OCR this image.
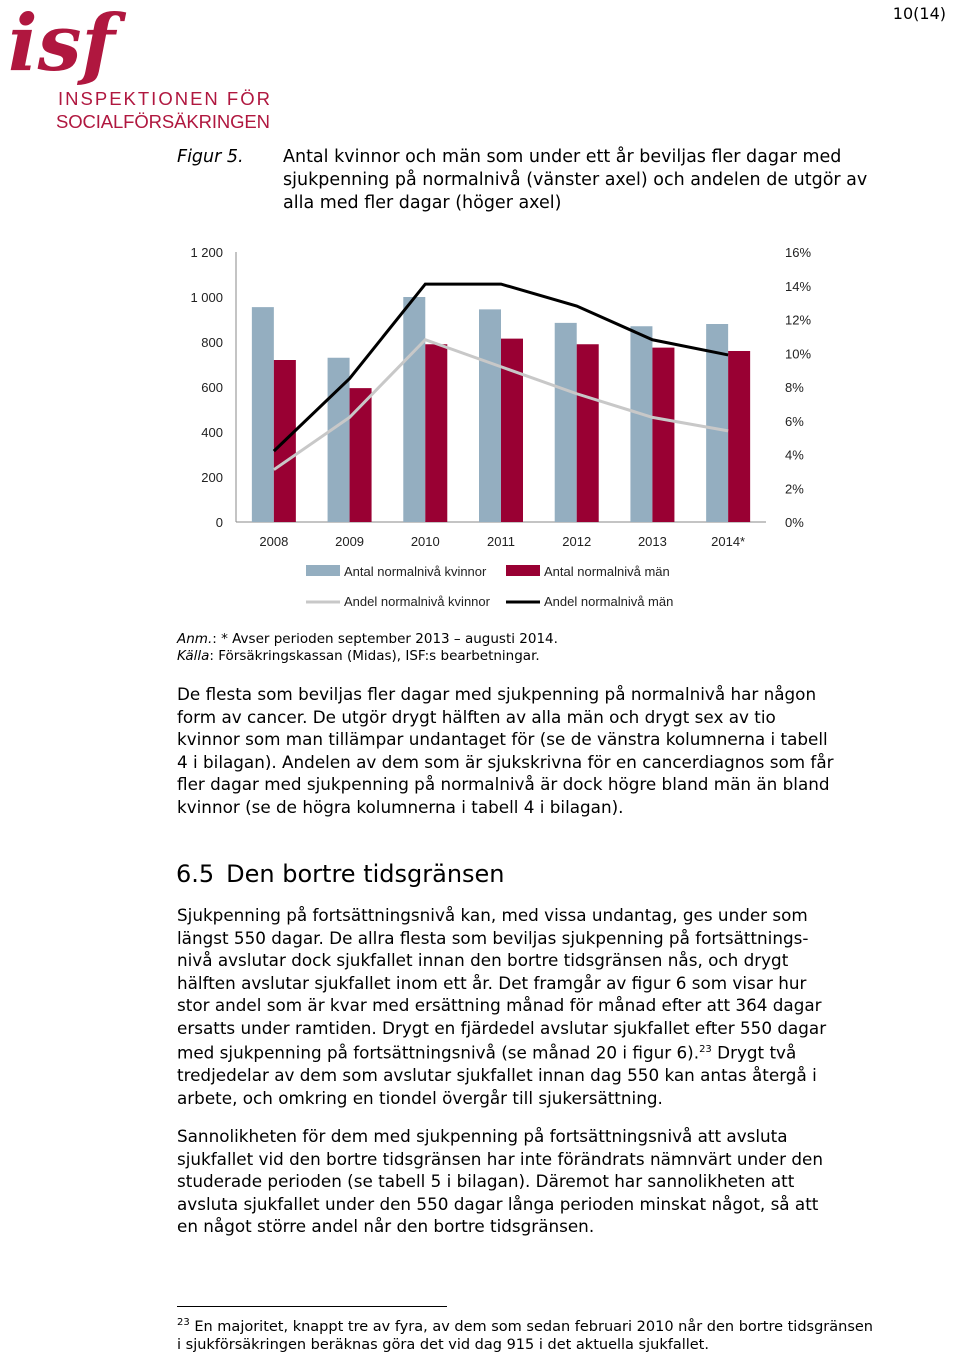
10(14)
isf
INSPEKTIONEN FÖR
SOCIALFÖRSÄKRINGEN
Figur 5. Antal kvinnor och män som under ett år beviljas fler dagar med sjukpenning på normalnivå (vänster axel) och andelen de utgör av alla med fler dagar (höger axel)
0
200
400
600
800
1 000
1 200
0%
2%
4%
6%
8%
10%
12%
14%
16%
2008	2009	2010	2011	2012	2013	2014*
Antal normalnivå kvinnor	Antal normalnivå män
Andel normalnivå kvinnor	Andel normalnivå män
Anm.: * Avser perioden september 2013 – augusti 2014.
Källa: Försäkringskassan (Midas), ISF:s bearbetningar.
De flesta som beviljas fler dagar med sjukpenning på normalnivå har någon form av cancer. De utgör drygt hälften av alla män och drygt sex av tio kvinnor som man tillämpar undantaget för (se de vänstra kolumnerna i tabell 4 i bilagan). Andelen av dem som är sjukskrivna för en cancerdiagnos som får fler dagar med sjukpenning på normalnivå är dock högre bland män än bland kvinnor (se de högra kolumnerna i tabell 4 i bilagan).
6.5 Den bortre tidsgränsen
Sjukpenning på fortsättningsnivå kan, med vissa undantag, ges under som längst 550 dagar. De allra flesta som beviljas sjukpenning på fortsättnings-nivå avslutar dock sjukfallet innan den bortre tidsgränsen nås, och drygt hälften avslutar sjukfallet inom ett år. Det framgår av figur 6 som visar hur stor andel som är kvar med ersättning månad för månad efter att 364 dagar ersatts under ramtiden. Drygt en fjärdedel avslutar sjukfallet efter 550 dagar med sjukpenning på fortsättningsnivå (se månad 20 i figur 6).$^{23}$ Drygt två tredjedelar av dem som avslutar sjukfallet innan dag 550 kan antas återgå i arbete, och omkring en tiondel övergår till sjukersättning.
Sannolikheten för dem med sjukpenning på fortsättningsnivå att avsluta sjukfallet vid den bortre tidsgränsen har inte förändrats nämnvärt under den studerade perioden (se tabell 5 i bilagan). Däremot har sannolikheten att avsluta sjukfallet under den 550 dagar långa perioden minskat något, så att en något större andel når den bortre tidsgränsen.
$^{23}$ En majoritet, knappt tre av fyra, av dem som sedan februari 2010 når den bortre tidsgränsen i sjukförsäkringen beräknas göra det vid dag 915 i det aktuella sjukfallet.
